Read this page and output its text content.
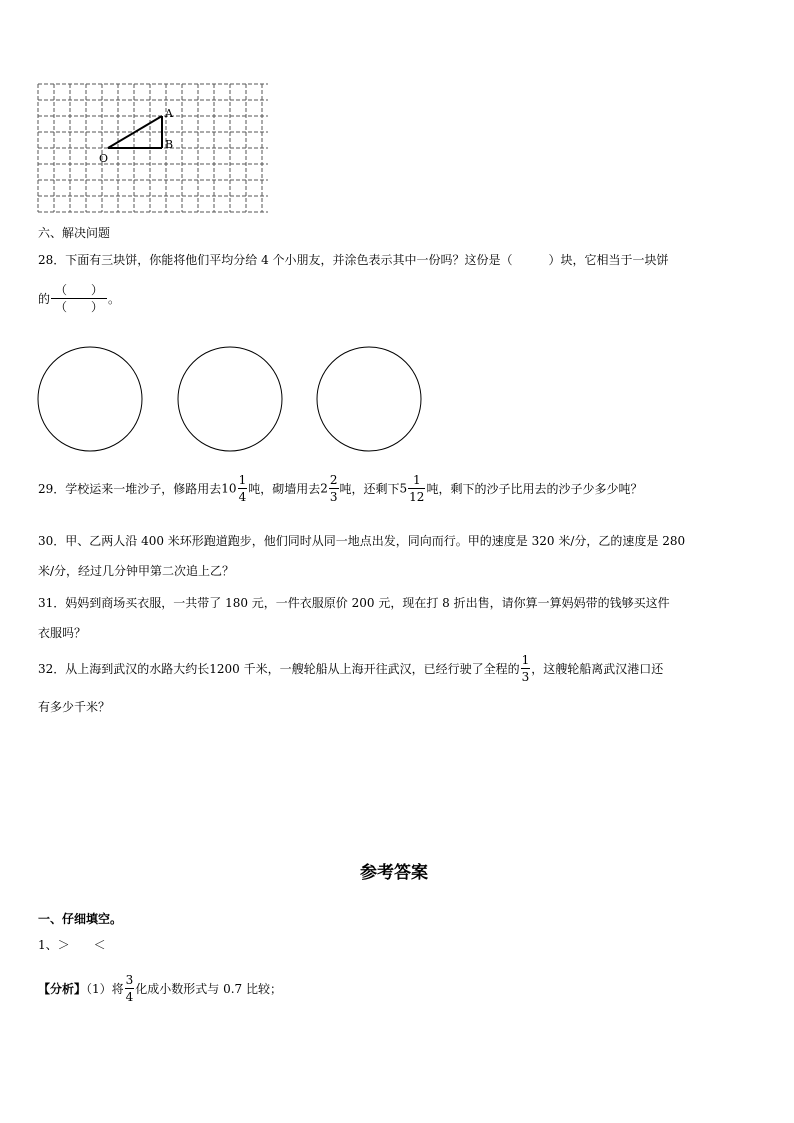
O
A
B
六、解决问题
28．下面有三块饼，你能将他们平均分给 4 个小朋友，并涂色表示其中一份吗？这份是（　　　）块，它相当于一块饼
的 $\frac{( )}{( )}$ 。
29．学校运来一堆沙子，修路用去$10 \frac{1}{4}$ 吨，砌墙用去$2 \frac{2}{3}$ 吨，还剩下$5 \frac{1}{12}$ 吨，剩下的沙子比用去的沙子少多少吨？
30．甲、乙两人沿 400 米环形跑道跑步，他们同时从同一地点出发，同向而行。甲的速度是 320 米/分，乙的速度是 280
米/分，经过几分钟甲第二次追上乙？
31．妈妈到商场买衣服，一共带了 180 元，一件衣服原价 200 元，现在打 8 折出售，请你算一算妈妈带的钱够买这件
衣服吗？
32．从上海到武汉的水路大约长1200 千米，一艘轮船从上海开往武汉，已经行驶了全程的 $\frac{1}{3}$ ，这艘轮船离武汉港口还
有多少千米？
参考答案
一、仔细填空。
1、＞　　＜
【分析】（1）将 $\frac{3}{4}$ 化成小数形式与 0.7 比较；
